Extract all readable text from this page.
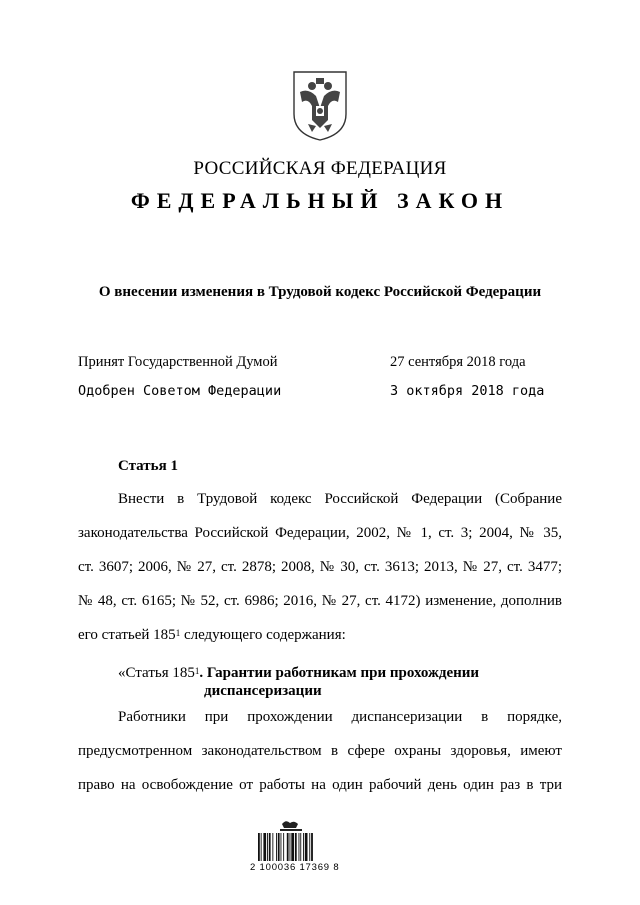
РОССИЙСКАЯ ФЕДЕРАЦИЯ
ФЕДЕРАЛЬНЫЙ ЗАКОН
О внесении изменения в Трудовой кодекс Российской Федерации
Принят Государственной Думой	27 сентября 2018 года
Одобрен Советом Федерации	3 октября 2018 года
Статья 1
Внести в Трудовой кодекс Российской Федерации (Собрание
законодательства Российской Федерации, 2002, № 1, ст. 3; 2004, № 35,
ст. 3607; 2006, № 27, ст. 2878; 2008, № 30, ст. 3613; 2013, № 27, ст. 3477;
№ 48, ст. 6165; № 52, ст. 6986; 2016, № 27, ст. 4172) изменение, дополнив
его статьей $185^1$ следующего содержания:
«Статья $185^1$. Гарантии работникам при прохождении
диспансеризации
Работники при прохождении диспансеризации в порядке,
предусмотренном законодательством в сфере охраны здоровья, имеют
право на освобождение от работы на один рабочий день один раз в три
2 100036 17369 8
